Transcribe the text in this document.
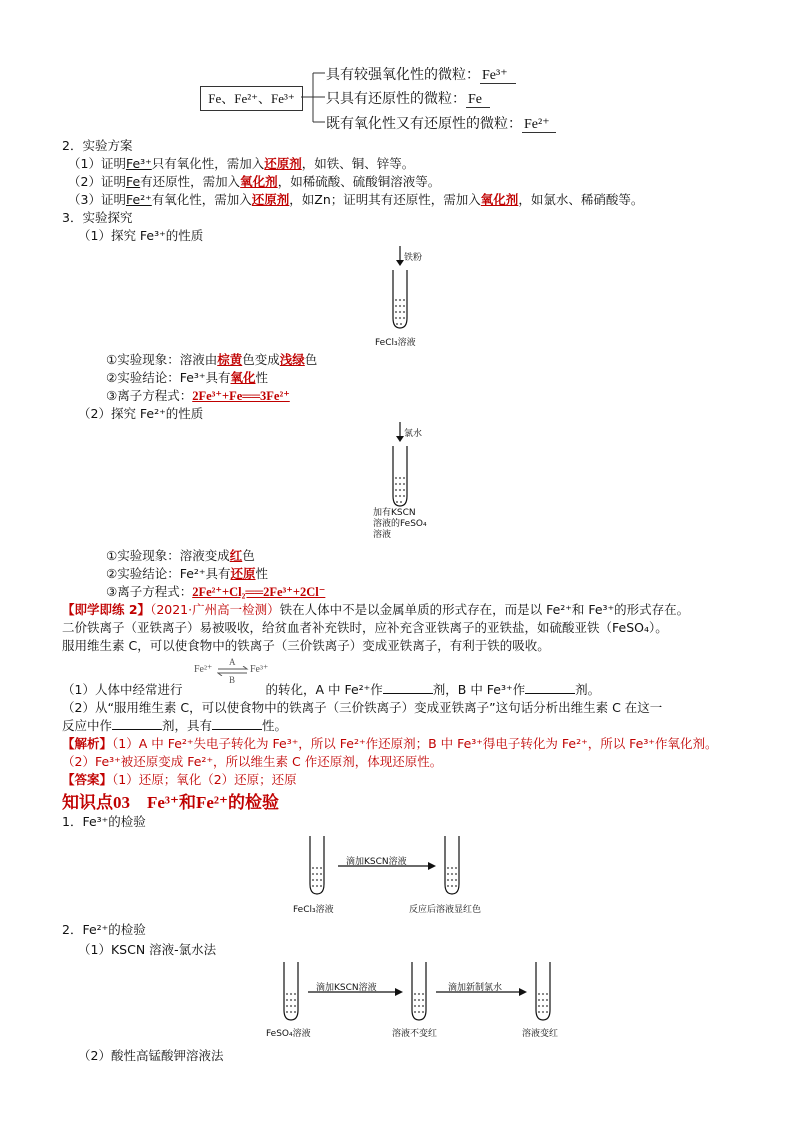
Fe、Fe²⁺、Fe³⁺
具有较强氧化性的微粒： Fe³⁺
只具有还原性的微粒： Fe
既有氧化性又有还原性的微粒： Fe²⁺
2．实验方案
（1）证明Fe³⁺只有氧化性，需加入还原剂，如铁、铜、锌等。
（2）证明Fe有还原性，需加入氧化剂，如稀硫酸、硫酸铜溶液等。
（3）证明Fe²⁺有氧化性，需加入还原剂，如Zn；证明其有还原性，需加入氧化剂，如氯水、稀硝酸等。
3．实验探究
（1）探究 Fe³⁺的性质
铁粉
FeCl₃溶液
①实验现象：溶液由棕黄色变成浅绿色
②实验结论：Fe³⁺具有氧化性
③离子方程式：2Fe³⁺+Fe══3Fe²⁺
（2）探究 Fe²⁺的性质
氯水
加有KSCN
溶液的FeSO₄
溶液
①实验现象：溶液变成红色
②实验结论：Fe²⁺具有还原性
③离子方程式：2Fe²⁺+Cl₂══2Fe³⁺+2Cl⁻
【即学即练 2】（2021·广州高一检测）铁在人体中不是以金属单质的形式存在，而是以 Fe²⁺和 Fe³⁺的形式存在。
二价铁离子（亚铁离子）易被吸收，给贫血者补充铁时，应补充含亚铁离子的亚铁盐，如硫酸亚铁（FeSO₄）。
服用维生素 C，可以使食物中的铁离子（三价铁离子）变成亚铁离子，有利于铁的吸收。
Fe²⁺
A
B
Fe³⁺
（1）人体中经常进行	的转化，A 中 Fe²⁺作	剂，B 中 Fe³⁺作	剂。
（2）从“服用维生素 C，可以使食物中的铁离子（三价铁离子）变成亚铁离子”这句话分析出维生素 C 在这一
反应中作	剂，具有	性。
【解析】（1）A 中 Fe²⁺失电子转化为 Fe³⁺，所以 Fe²⁺作还原剂；B 中 Fe³⁺得电子转化为 Fe²⁺，所以 Fe³⁺作氧化剂。
（2）Fe³⁺被还原变成 Fe²⁺，所以维生素 C 作还原剂，体现还原性。
【答案】（1）还原；氧化（2）还原；还原
知识点03　Fe³⁺和Fe²⁺的检验
1．Fe³⁺的检验
滴加KSCN溶液
FeCl₃溶液	反应后溶液显红色
2．Fe²⁺的检验
（1）KSCN 溶液-氯水法
滴加KSCN溶液	滴加新制氯水
FeSO₄溶液	溶液不变红	溶液变红
（2）酸性高锰酸钾溶液法
